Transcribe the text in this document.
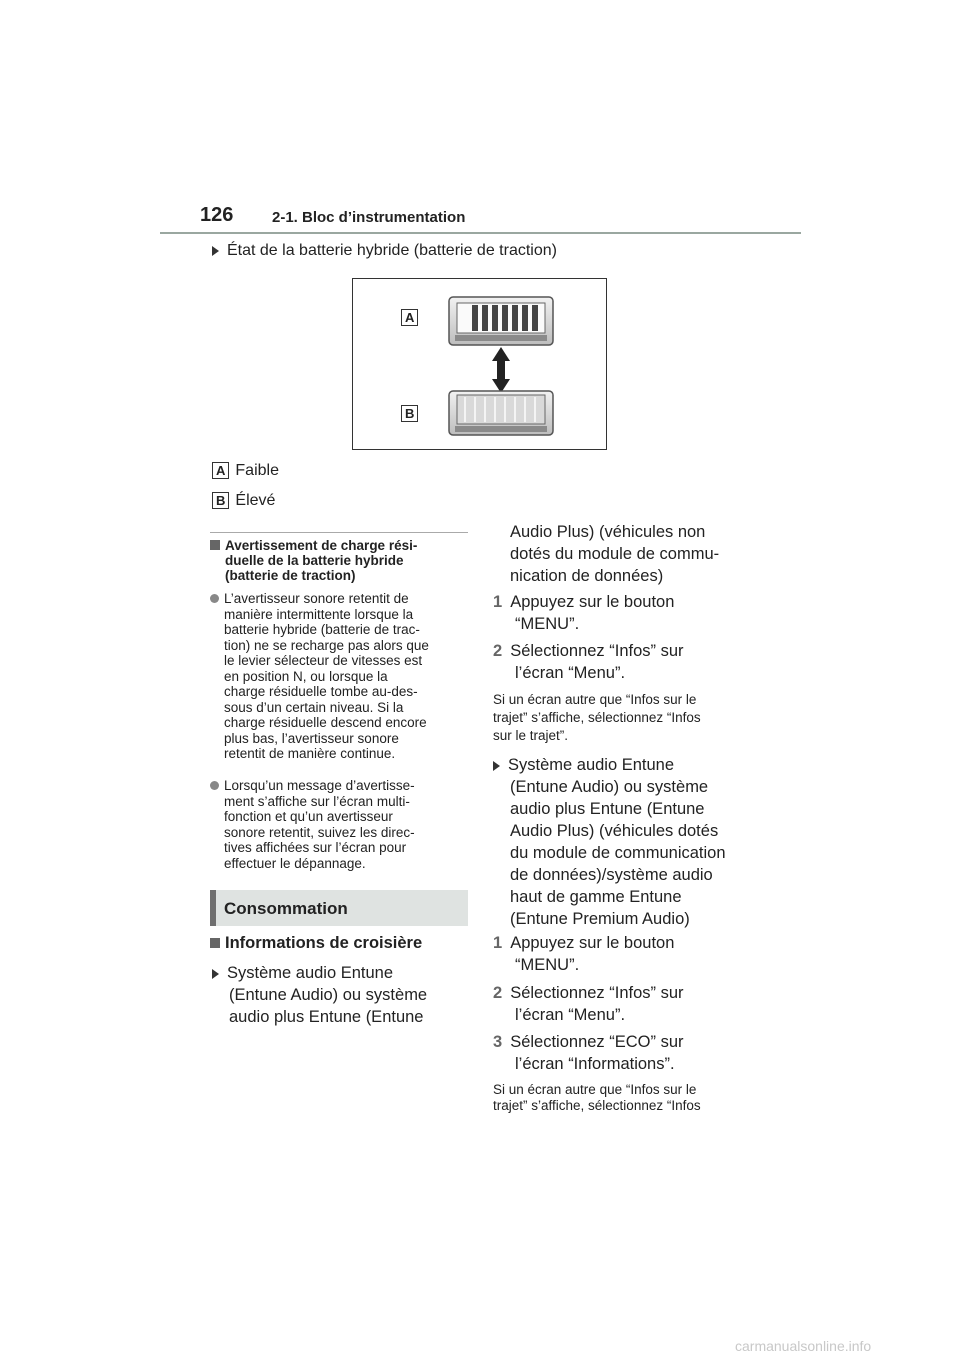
126	2-1. Bloc d’instrumentation
État de la batterie hybride (batterie de traction)
A
B
A Faible
B Élevé
Avertissement de charge rési-
duelle de la batterie hybride
(batterie de traction)
L’avertisseur sonore retentit de
manière intermittente lorsque la
batterie hybride (batterie de trac-
tion) ne se recharge pas alors que
le levier sélecteur de vitesses est
en position N, ou lorsque la
charge résiduelle tombe au-des-
sous d’un certain niveau. Si la
charge résiduelle descend encore
plus bas, l’avertisseur sonore
retentit de manière continue.
Lorsqu’un message d’avertisse-
ment s’affiche sur l’écran multi-
fonction et qu’un avertisseur
sonore retentit, suivez les direc-
tives affichées sur l’écran pour
effectuer le dépannage.
Consommation
Informations de croisière
Système audio Entune
(Entune Audio) ou système
audio plus Entune (Entune
Audio Plus) (véhicules non
dotés du module de commu-
nication de données)
1 Appuyez sur le bouton
“MENU”.
2 Sélectionnez “Infos” sur
l’écran “Menu”.
Si un écran autre que “Infos sur le
trajet” s’affiche, sélectionnez “Infos
sur le trajet”.
Système audio Entune
(Entune Audio) ou système
audio plus Entune (Entune
Audio Plus) (véhicules dotés
du module de communication
de données)/système audio
haut de gamme Entune
(Entune Premium Audio)
1 Appuyez sur le bouton
“MENU”.
2 Sélectionnez “Infos” sur
l’écran “Menu”.
3 Sélectionnez “ECO” sur
l’écran “Informations”.
Si un écran autre que “Infos sur le
trajet” s’affiche, sélectionnez “Infos
carmanualsonline.info
